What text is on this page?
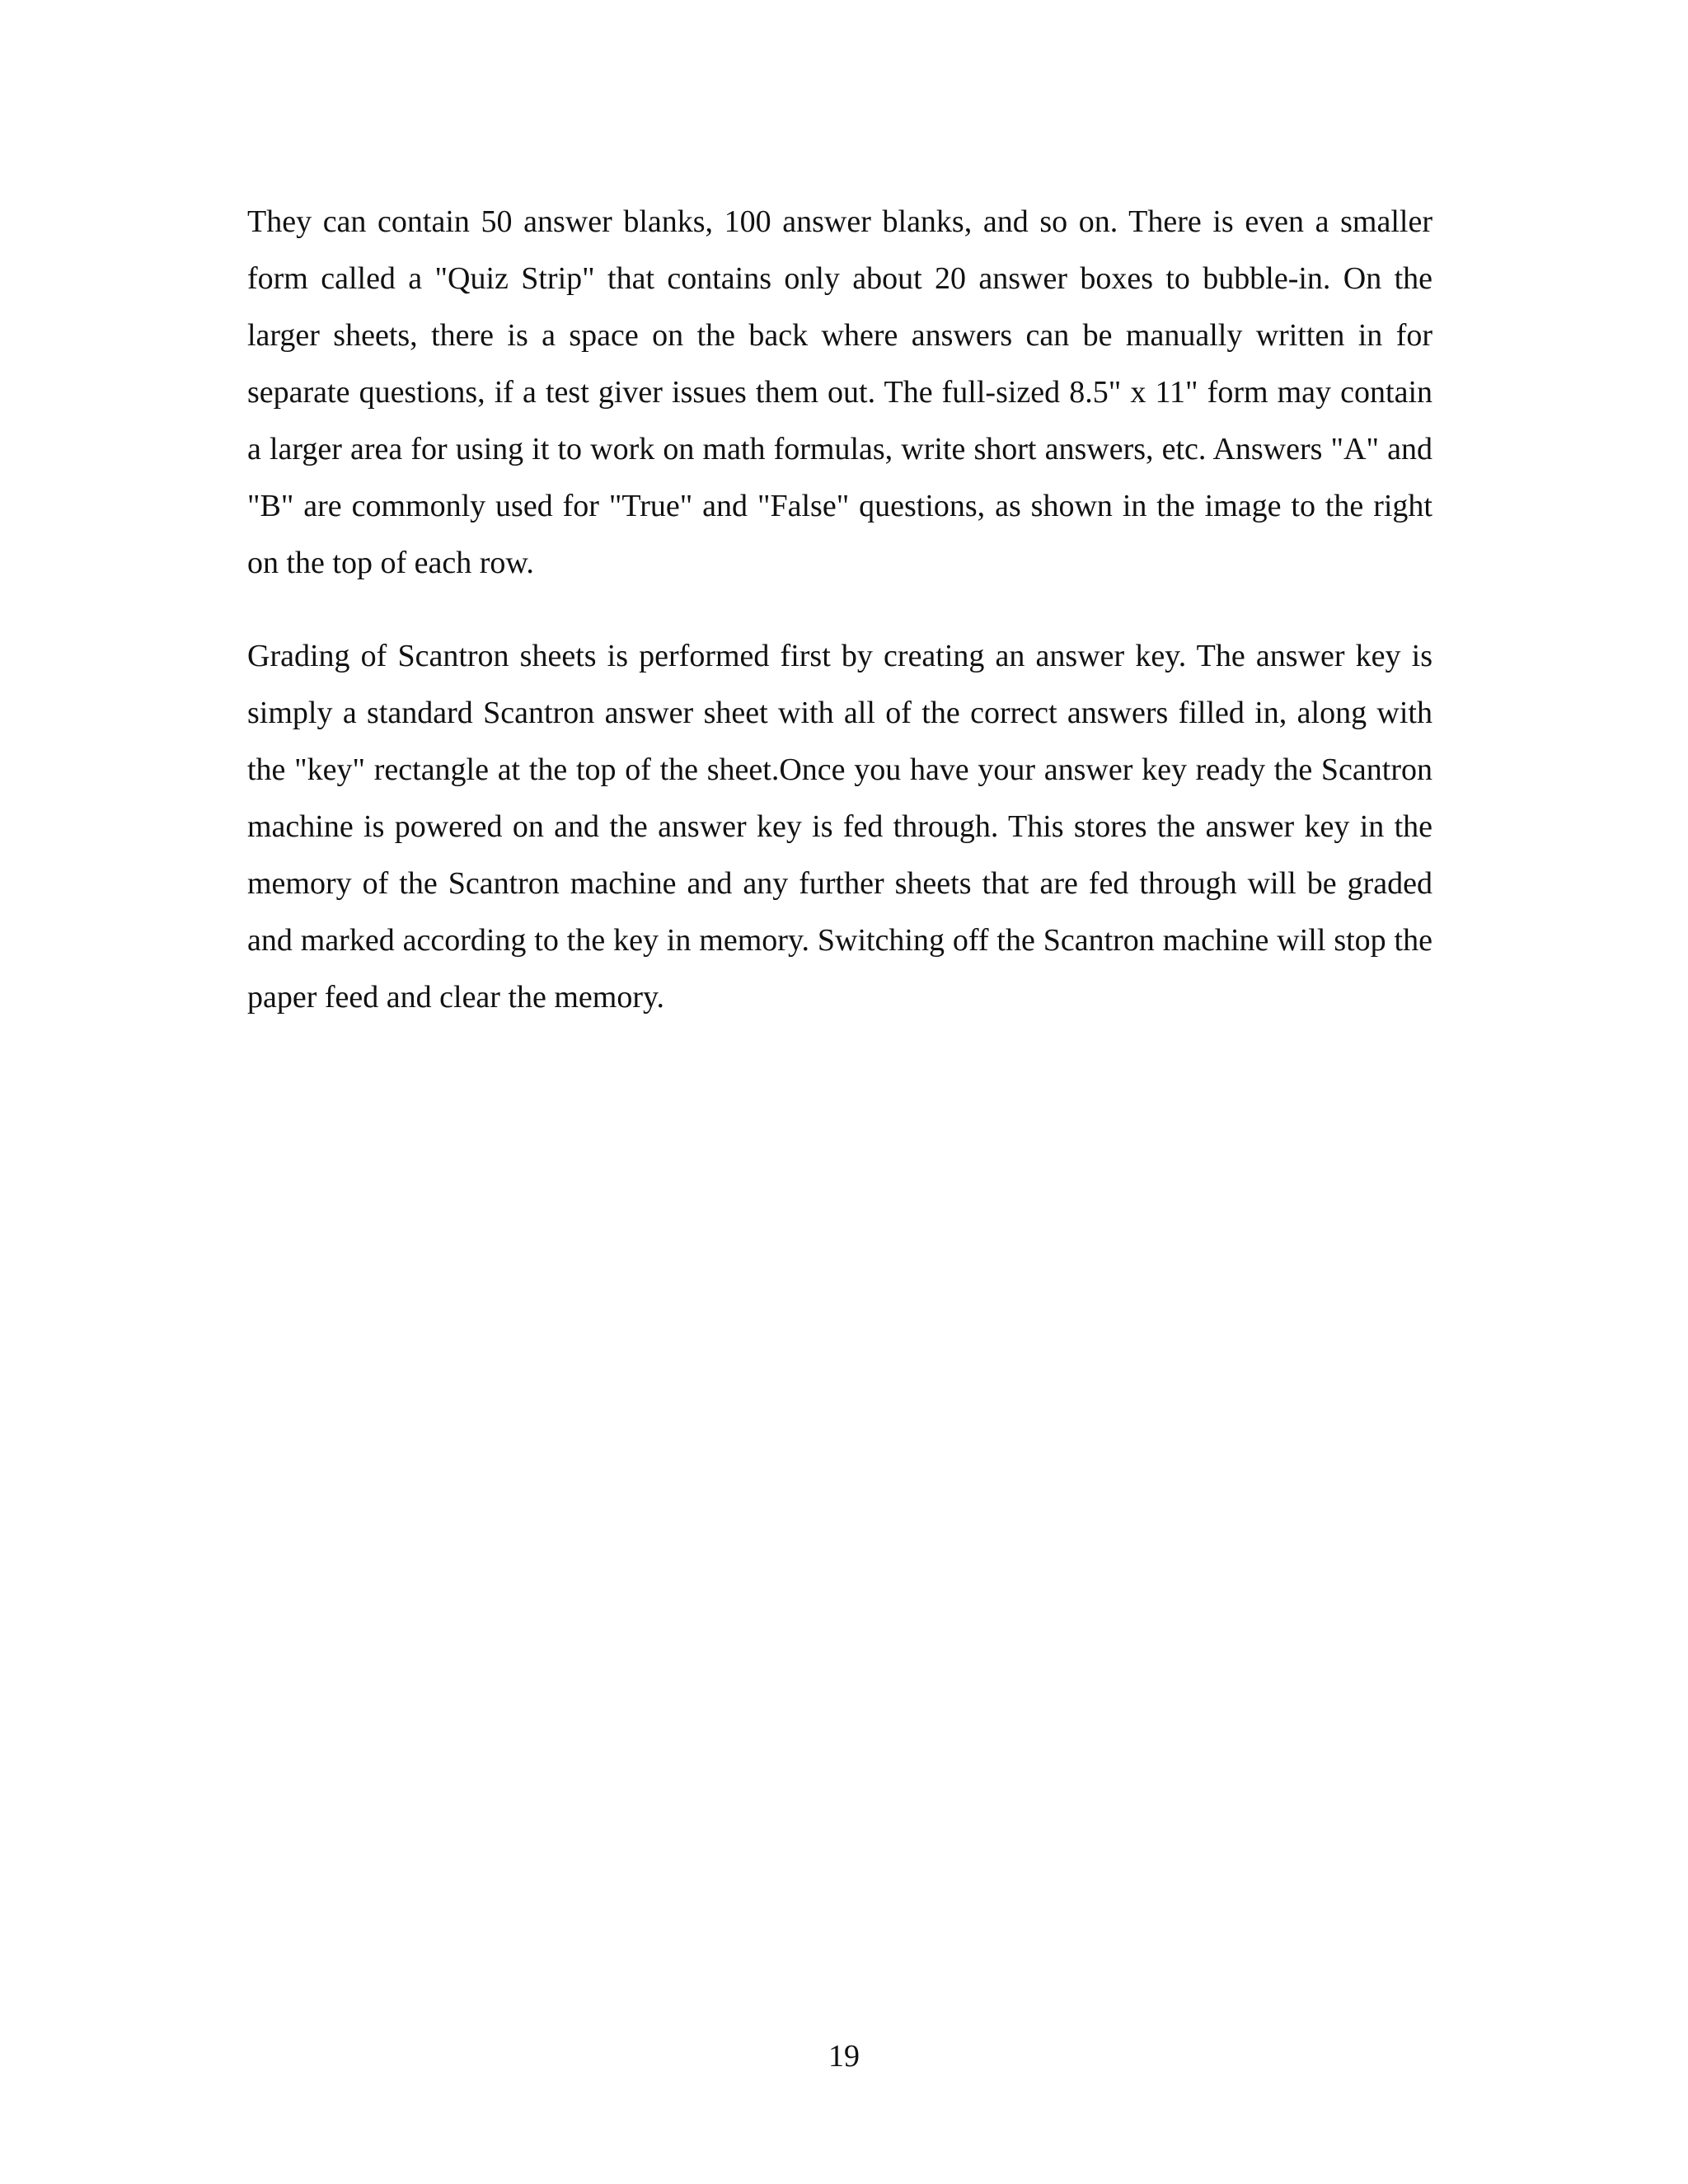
They can contain 50 answer blanks, 100 answer blanks, and so on. There is even a smaller form called a "Quiz Strip" that contains only about 20 answer boxes to bubble-in. On the larger sheets, there is a space on the back where answers can be manually written in for separate questions, if a test giver issues them out. The full-sized 8.5" x 11" form may contain a larger area for using it to work on math formulas, write short answers, etc. Answers "A" and "B" are commonly used for "True" and "False" questions, as shown in the image to the right on the top of each row.

Grading of Scantron sheets is performed first by creating an answer key. The answer key is simply a standard Scantron answer sheet with all of the correct answers filled in, along with the "key" rectangle at the top of the sheet.Once you have your answer key ready the Scantron machine is powered on and the answer key is fed through. This stores the answer key in the memory of the Scantron machine and any further sheets that are fed through will be graded and marked according to the key in memory. Switching off the Scantron machine will stop the paper feed and clear the memory.

19
